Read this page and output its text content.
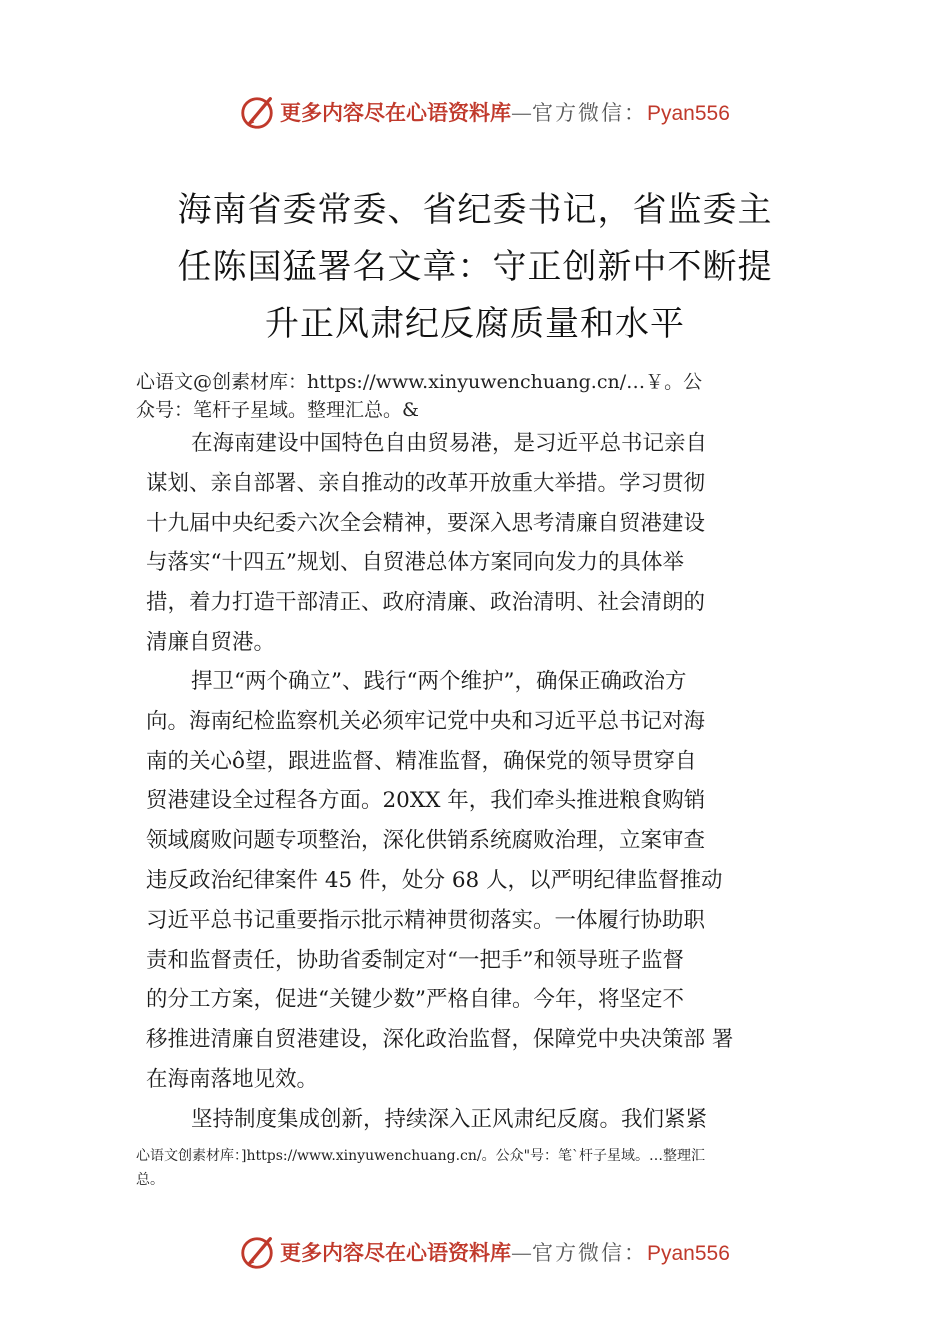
更多内容尽在心语资料库—官方微信：Pyan556
海南省委常委、省纪委书记，省监委主
任陈国猛署名文章：守正创新中不断提
升正风肃纪反腐质量和水平
心语文@创素材库：https://www.xinyuwenchuang.cn/…￥。公
众号：笔杆子星域。整理汇总。&
在海南建设中国特色自由贸易港，是习近平总书记亲自
谋划、亲自部署、亲自推动的改革开放重大举措。学习贯彻
十九届中央纪委六次全会精神，要深入思考清廉自贸港建设
与落实“十四五”规划、自贸港总体方案同向发力的具体举
措，着力打造干部清正、政府清廉、政治清明、社会清朗的
清廉自贸港。
捍卫“两个确立”、践行“两个维护”，确保正确政治方
向。海南纪检监察机关必须牢记党中央和习近平总书记对海
南的关心ô望，跟进监督、精准监督，确保党的领导贯穿自
贸港建设全过程各方面。20XX 年，我们牵头推进粮食购销
领域腐败问题专项整治，深化供销系统腐败治理，立案审查
违反政治纪律案件 45 件，处分 68 人，以严明纪律监督推动
习近平总书记重要指示批示精神贯彻落实。一体履行协助职
责和监督责任，协助省委制定对“一把手”和领导班子监督
的分工方案，促进“关键少数”严格自律。今年，将坚定不
移推进清廉自贸港建设，深化政治监督，保障党中央决策部 署
在海南落地见效。
坚持制度集成创新，持续深入正风肃纪反腐。我们紧紧
心语文创素材库：]https://www.xinyuwenchuang.cn/。公众"号：笔`杆子星域。…整理汇
总。
更多内容尽在心语资料库—官方微信：Pyan556
